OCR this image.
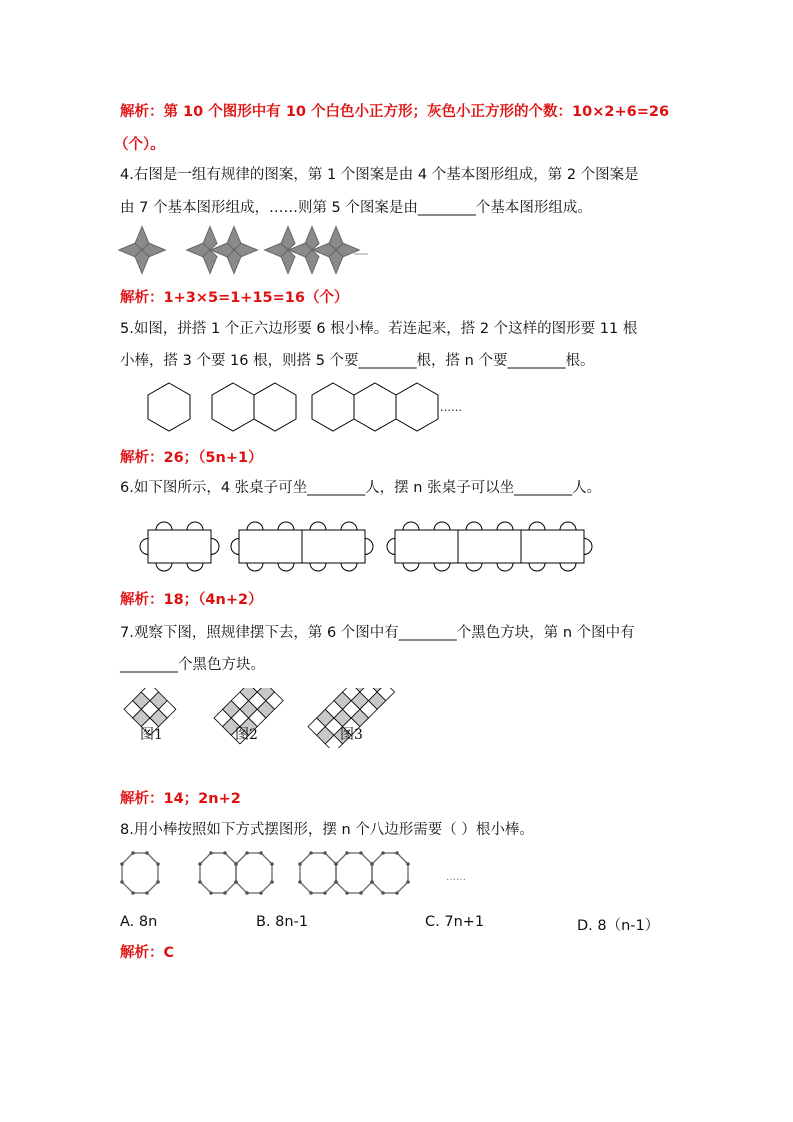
解析：第 10 个图形中有 10 个白色小正方形；灰色小正方形的个数：10×2+6=26
（个）。
4.右图是一组有规律的图案，第 1 个图案是由 4 个基本图形组成，第 2 个图案是
由 7 个基本图形组成，……则第 5 个图案是由________个基本图形组成。
解析：1+3×5=1+15=16（个）
5.如图，拼搭 1 个正六边形要 6 根小棒。若连起来，搭 2 个这样的图形要 11 根
小棒，搭 3 个要 16 根，则搭 5 个要________根，搭 n 个要________根。
……
解析：26；（5n+1）
6.如下图所示，4 张桌子可坐________人，摆 n 张桌子可以坐________人。
解析：18；（4n+2）
7.观察下图，照规律摆下去，第 6 个图中有________个黑色方块，第 n 个图中有
________个黑色方块。
图1	图2	图3
解析：14；2n+2
8.用小棒按照如下方式摆图形，摆 n 个八边形需要（ ）根小棒。
……
A. 8n	B. 8n-1	C. 7n+1	D. 8（n-1）
解析：C
